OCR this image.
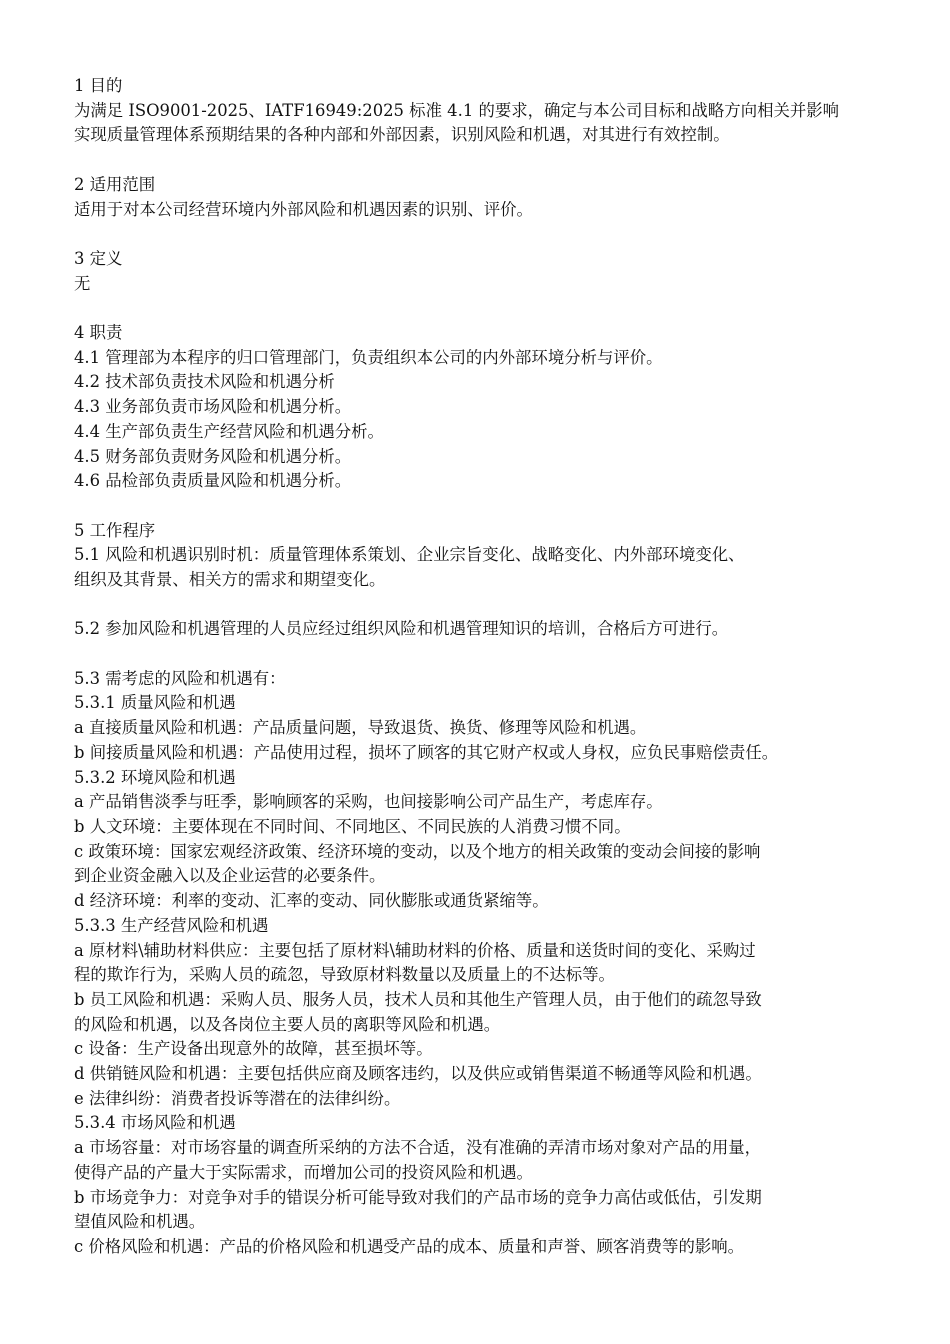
1 目的
为满足 ISO9001-2025、IATF16949:2025 标准 4.1 的要求，确定与本公司目标和战略方向相关并影响
实现质量管理体系预期结果的各种内部和外部因素，识别风险和机遇，对其进行有效控制。
2 适用范围
适用于对本公司经营环境内外部风险和机遇因素的识别、评价。
3 定义
无
4 职责
4.1 管理部为本程序的归口管理部门，负责组织本公司的内外部环境分析与评价。
4.2 技术部负责技术风险和机遇分析
4.3 业务部负责市场风险和机遇分析。
4.4 生产部负责生产经营风险和机遇分析。
4.5 财务部负责财务风险和机遇分析。
4.6 品检部负责质量风险和机遇分析。
5 工作程序
5.1 风险和机遇识别时机：质量管理体系策划、企业宗旨变化、战略变化、内外部环境变化、
组织及其背景、相关方的需求和期望变化。
5.2 参加风险和机遇管理的人员应经过组织风险和机遇管理知识的培训，合格后方可进行。
5.3 需考虑的风险和机遇有：
5.3.1 质量风险和机遇
a 直接质量风险和机遇：产品质量问题，导致退货、换货、修理等风险和机遇。
b 间接质量风险和机遇：产品使用过程，损坏了顾客的其它财产权或人身权，应负民事赔偿责任。
5.3.2 环境风险和机遇
a 产品销售淡季与旺季，影响顾客的采购，也间接影响公司产品生产，考虑库存。
b 人文环境：主要体现在不同时间、不同地区、不同民族的人消费习惯不同。
c 政策环境：国家宏观经济政策、经济环境的变动，以及个地方的相关政策的变动会间接的影响
到企业资金融入以及企业运营的必要条件。
d 经济环境：利率的变动、汇率的变动、同伙膨胀或通货紧缩等。
5.3.3 生产经营风险和机遇
a 原材料\辅助材料供应：主要包括了原材料\辅助材料的价格、质量和送货时间的变化、采购过
程的欺诈行为，采购人员的疏忽，导致原材料数量以及质量上的不达标等。
b 员工风险和机遇：采购人员、服务人员，技术人员和其他生产管理人员，由于他们的疏忽导致
的风险和机遇，以及各岗位主要人员的离职等风险和机遇。
c 设备：生产设备出现意外的故障，甚至损坏等。
d 供销链风险和机遇：主要包括供应商及顾客违约，以及供应或销售渠道不畅通等风险和机遇。
e 法律纠纷：消费者投诉等潜在的法律纠纷。
5.3.4 市场风险和机遇
a 市场容量：对市场容量的调查所采纳的方法不合适，没有准确的弄清市场对象对产品的用量，
使得产品的产量大于实际需求，而增加公司的投资风险和机遇。
b 市场竞争力：对竞争对手的错误分析可能导致对我们的产品市场的竞争力高估或低估，引发期
望值风险和机遇。
c 价格风险和机遇：产品的价格风险和机遇受产品的成本、质量和声誉、顾客消费等的影响。
